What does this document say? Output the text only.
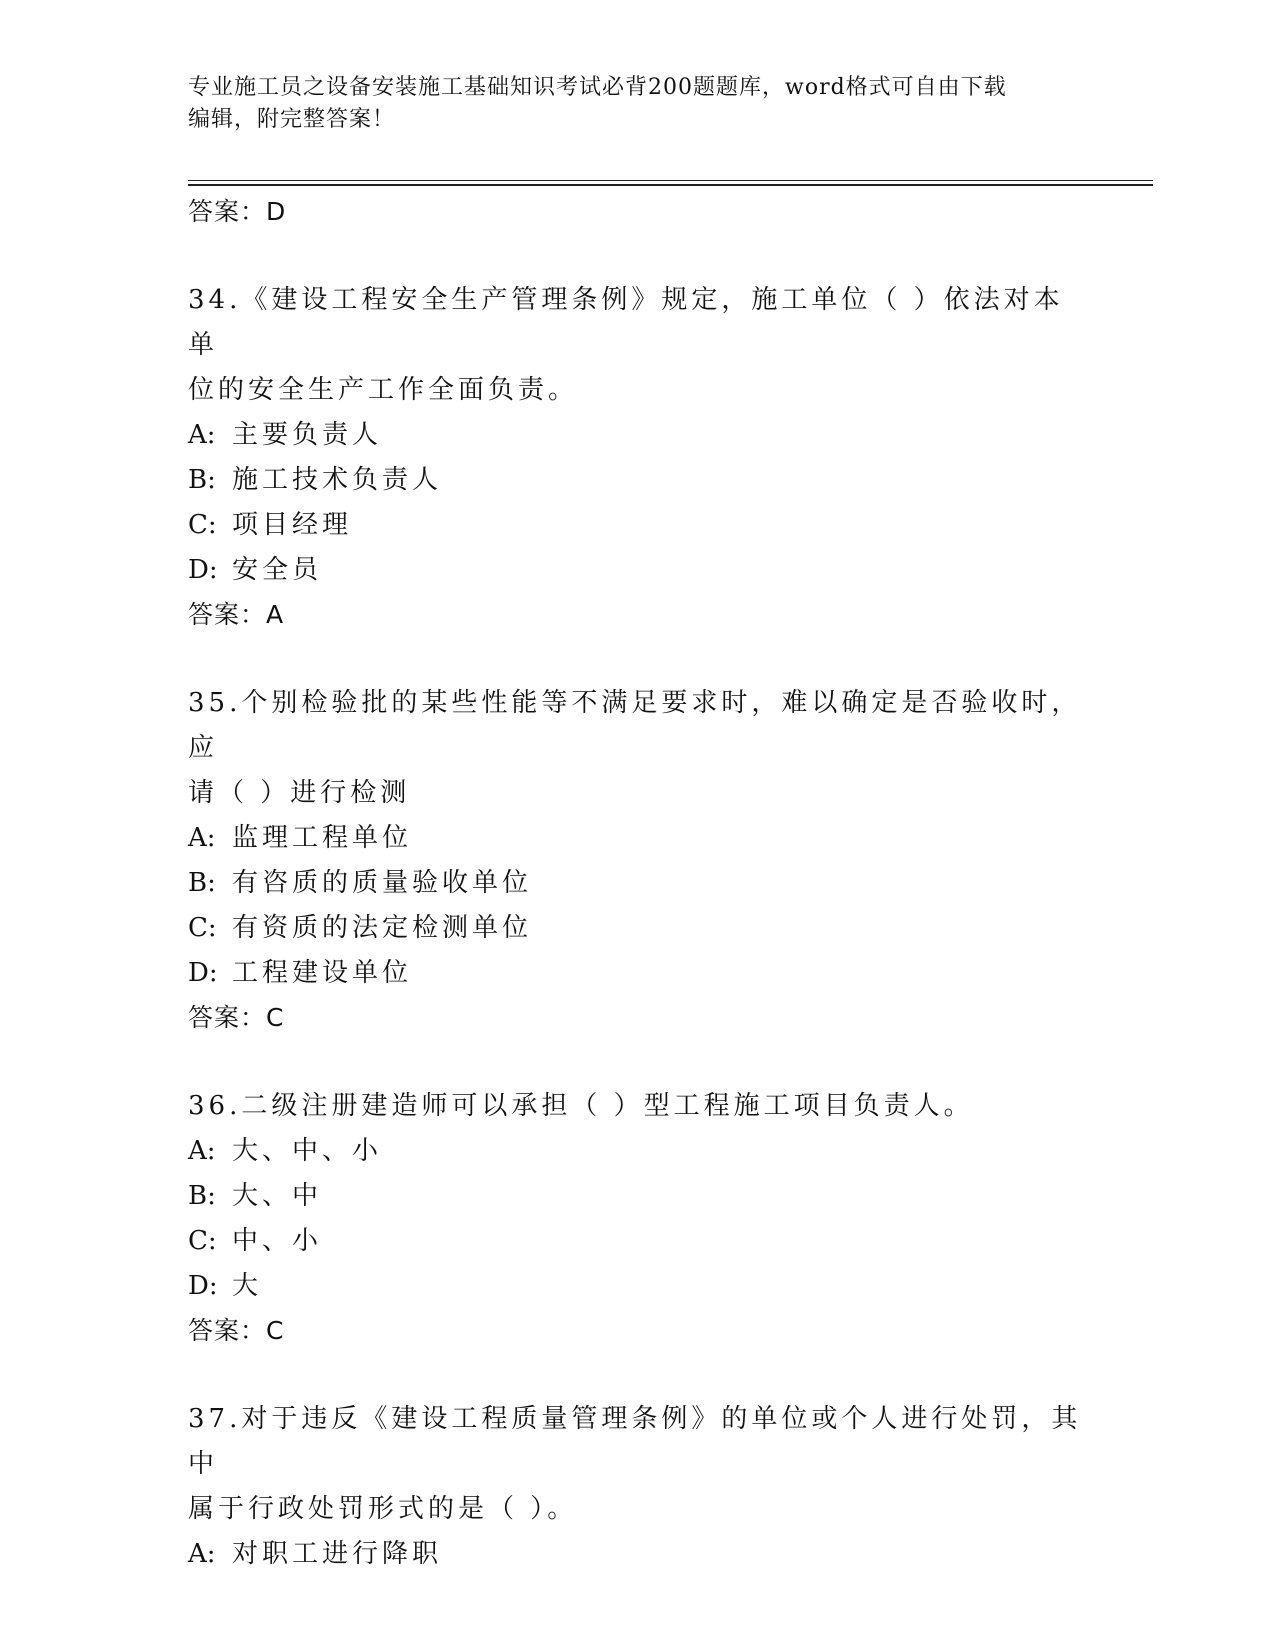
专业施工员之设备安装施工基础知识考试必背200题题库，word格式可自由下载
编辑，附完整答案！
答案：D
34.《建设工程安全生产管理条例》规定，施工单位（ ）依法对本单
位的安全生产工作全面负责。
A: 主要负责人
B: 施工技术负责人
C: 项目经理
D: 安全员
答案：A
35.个别检验批的某些性能等不满足要求时，难以确定是否验收时，应
请（ ）进行检测
A: 监理工程单位
B: 有咨质的质量验收单位
C: 有资质的法定检测单位
D: 工程建设单位
答案：C
36.二级注册建造师可以承担（ ）型工程施工项目负责人。
A: 大、中、小
B: 大、中
C: 中、小
D: 大
答案：C
37.对于违反《建设工程质量管理条例》的单位或个人进行处罚，其中
属于行政处罚形式的是（ ）。
A: 对职工进行降职
